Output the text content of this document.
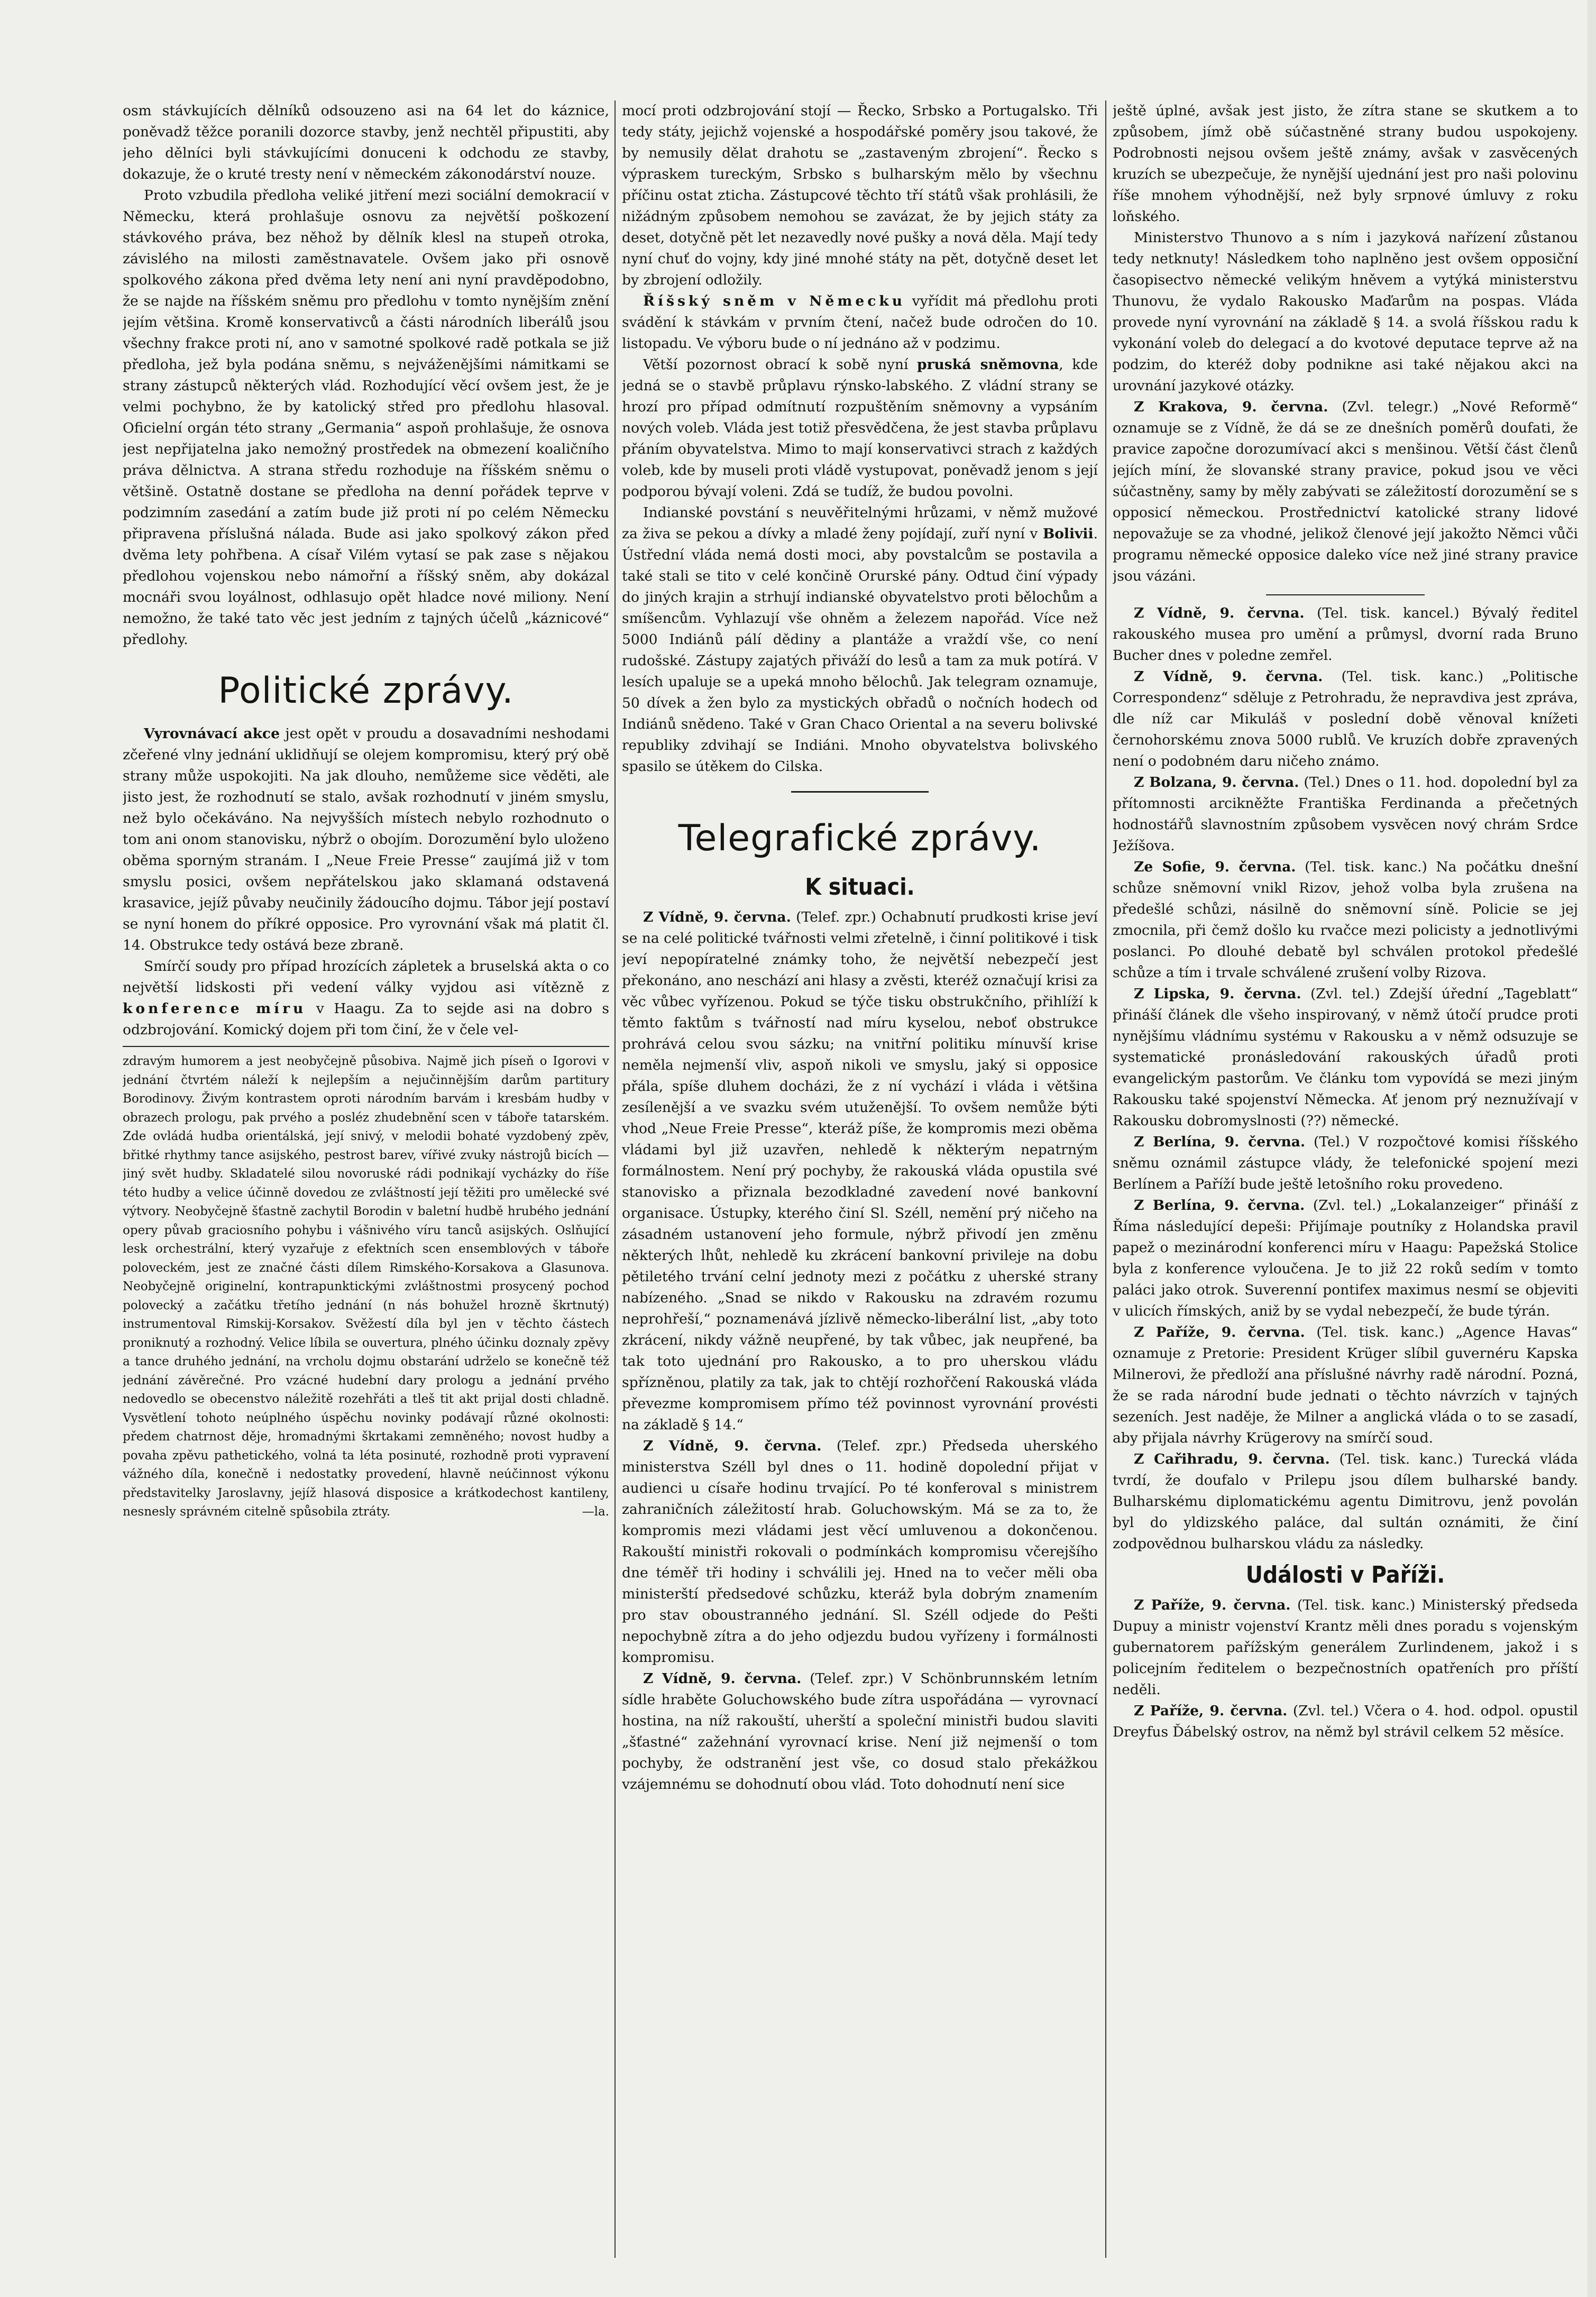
osm stávkujících dělníků odsouzeno asi na 64 let do káznice, poněvadž těžce poranili dozorce stavby, jenž nechtěl připustiti, aby jeho dělníci byli stávkujícími donuceni k odchodu ze stavby, dokazuje, že o kruté tresty není v německém zákonodárství nouze.

Proto vzbudila předloha veliké jitření mezi sociální demokracií v Německu, která prohlašuje osnovu za největší poškození stávkového práva, bez něhož by dělník klesl na stupeň otroka, závislého na milosti zaměstnavatele. Ovšem jako při osnově spolkového zákona před dvěma lety není ani nyní pravděpodobno, že se najde na říšském sněmu pro předlohu v tomto nynějším znění jejím většina. Kromě konservativců a části národních liberálů jsou všechny frakce proti ní, ano v samotné spolkové radě potkala se již předloha, jež byla podána sněmu, s nejváženějšími námitkami se strany zástupců některých vlád. Rozhodující věcí ovšem jest, že je velmi pochybno, že by katolický střed pro předlohu hlasoval. Oficielní orgán této strany „Germania“ aspoň prohlašuje, že osnova jest nepřijatelna jako nemožný prostředek na obmezení koaličního práva dělnictva. A strana středu rozhoduje na říšském sněmu o většině. Ostatně dostane se předloha na denní pořádek teprve v podzimním zasedání a zatím bude již proti ní po celém Německu připravena příslušná nálada. Bude asi jako spolkový zákon před dvěma lety pohřbena. A císař Vilém vytasí se pak zase s nějakou předlohou vojenskou nebo námořní a říšský sněm, aby dokázal mocnáři svou loyálnost, odhlasujo opět hladce nové miliony. Není nemožno, že také tato věc jest jedním z tajných účelů „káznicové“ předlohy.

Politické zprávy.

Vyrovnávací akce jest opět v proudu a dosavadními neshodami zčeřené vlny jednání uklidňují se olejem kompromisu, který prý obě strany může uspokojiti. Na jak dlouho, nemůžeme sice věděti, ale jisto jest, že rozhodnutí se stalo, avšak rozhodnutí v jiném smyslu, než bylo očekáváno. Na nejvyšších místech nebylo rozhodnuto o tom ani onom stanovisku, nýbrž o obojím. Dorozumění bylo uloženo oběma sporným stranám. I „Neue Freie Presse“ zaujímá již v tom smyslu posici, ovšem nepřátelskou jako sklamaná odstavená krasavice, jejíž půvaby neučinily žádoucího dojmu. Tábor její postaví se nyní honem do příkré opposice. Pro vyrovnání však má platit čl. 14. Obstrukce tedy ostává beze zbraně.

Smírčí soudy pro případ hrozících zápletek a bruselská akta o co největší lidskosti při vedení války vyjdou asi vítězně z konference míru v Haagu. Za to sejde asi na dobro s odzbrojování. Komický dojem při tom činí, že v čele vel-

zdravým humorem a jest neobyčejně působiva. Najmě jich píseň o Igorovi v jednání čtvrtém náleží k nejlepším a nejučinnějším darům partitury Borodinovy. Živým kontrastem oproti národním barvám i kresbám hudby v obrazech prologu, pak prvého a posléz zhudebnění scen v táboře tatarském. Zde ovládá hudba orientálská, její snivý, v melodii bohaté vyzdobený zpěv, břitké rhythmy tance asijského, pestrost barev, vířivé zvuky nástrojů bicích — jiný svět hudby. Skladatelé silou novoruské rádi podnikají vycházky do říše této hudby a velice účinně dovedou ze zvláštností její těžiti pro umělecké své výtvory. Neobyčejně šťastně zachytil Borodin v baletní hudbě hrubého jednání opery půvab graciosního pohybu i vášnivého víru tanců asijských. Oslňující lesk orchestrální, který vyzařuje z efektních scen ensemblových v táboře poloveckém, jest ze značné části dílem Rimského-Korsakova a Glasunova. Neobyčejně originelní, kontrapunktickými zvláštnostmi prosycený pochod polovecký a začátku třetího jednání (n nás bohužel hrozně škrtnutý) instrumentoval Rimskij-Korsakov. Svěžestí díla byl jen v těchto částech proniknutý a rozhodný. Velice líbila se ouvertura, plného účinku doznaly zpěvy a tance druhého jednání, na vrcholu dojmu obstarání udrželo se konečně též jednání závěrečné. Pro vzácné hudební dary prologu a jednání prvého nedovedlo se obecenstvo náležitě rozehřáti a tleš tit akt prijal dosti chladně. Vysvětlení tohoto neúplného úspěchu novinky podávají různé okolnosti: předem chatrnost děje, hromadnými škrtakami zemněného; novost hudby a povaha zpěvu pathetického, volná ta léta posinuté, rozhodně proti vypravení vážného díla, konečně i nedostatky provedení, hlavně neúčinnost výkonu představitelky Jaroslavny, jejíž hlasová disposice a krátkodechost kantileny, nesnesly správném citelně spůsobila ztráty.	—la.

mocí proti odzbrojování stojí — Řecko, Srbsko a Portugalsko. Tři tedy státy, jejichž vojenské a hospodářské poměry jsou takové, že by nemusily dělat drahotu se „zastaveným zbrojení“. Řecko s výpraskem tureckým, Srbsko s bulharským mělo by všechnu příčinu ostat zticha. Zástupcové těchto tří států však prohlásili, že nižádným způsobem nemohou se zavázat, že by jejich státy za deset, dotyčně pět let nezavedly nové pušky a nová děla. Mají tedy nyní chuť do vojny, kdy jiné mnohé státy na pět, dotyčně deset let by zbrojení odložily.

Říšský sněm v Německu vyřídit má předlohu proti svádění k stávkám v prvním čtení, načež bude odročen do 10. listopadu. Ve výboru bude o ní jednáno až v podzimu.

Větší pozornost obrací k sobě nyní pruská sněmovna, kde jedná se o stavbě průplavu rýnsko-labského. Z vládní strany se hrozí pro případ odmítnutí rozpuštěním sněmovny a vypsáním nových voleb. Vláda jest totiž přesvědčena, že jest stavba průplavu přáním obyvatelstva. Mimo to mají konservativci strach z každých voleb, kde by museli proti vládě vystupovat, poněvadž jenom s její podporou bývají voleni. Zdá se tudíž, že budou povolni.

Indianské povstání s neuvěřitelnými hrůzami, v němž mužové za živa se pekou a dívky a mladé ženy pojídají, zuří nyní v Bolivii. Ústřední vláda nemá dosti moci, aby povstalcům se postavila a také stali se tito v celé končině Orurské pány. Odtud činí výpady do jiných krajin a strhují indianské obyvatelstvo proti bělochům a smíšencům. Vyhlazují vše ohněm a železem napořád. Více než 5000 Indiánů pálí dědiny a plantáže a vraždí vše, co není rudošské. Zástupy zajatých přiváží do lesů a tam za muk potírá. V lesích upaluje se a upeká mnoho bělochů. Jak telegram oznamuje, 50 dívek a žen bylo za mystických obřadů o nočních hodech od Indiánů snědeno. Také v Gran Chaco Oriental a na severu bolivské republiky zdvihají se Indiáni. Mnoho obyvatelstva bolivského spasilo se útěkem do Cilska.

Telegrafické zprávy.
K situaci.

Z Vídně, 9. června. (Telef. zpr.) Ochabnutí prudkosti krise jeví se na celé politické tvářnosti velmi zřetelně, i činní politikové i tisk jeví nepopíratelné známky toho, že největší nebezpečí jest překonáno, ano neschází ani hlasy a zvěsti, kteréž označují krisi za věc vůbec vyřízenou. Pokud se týče tisku obstrukčního, přihlíží k těmto faktům s tvářností nad míru kyselou, neboť obstrukce prohrává celou svou sázku; na vnitřní politiku mínuvší krise neměla nejmenší vliv, aspoň nikoli ve smyslu, jaký si opposice přála, spíše dluhem docházi, že z ní vychází i vláda i většina zesílenější a ve svazku svém utuženější. To ovšem nemůže býti vhod „Neue Freie Presse“, kteráž píše, že kompromis mezi oběma vládami byl již uzavřen, nehledě k některým nepatrným formálnostem. Není prý pochyby, že rakouská vláda opustila své stanovisko a přiznala bezodkladné zavedení nové bankovní organisace. Ústupky, kterého činí Sl. Széll, nemění prý ničeho na zásadném ustanovení jeho formule, nýbrž přivodí jen změnu některých lhůt, nehledě ku zkrácení bankovní privileje na dobu pětiletého trvání celní jednoty mezi z počátku z uherské strany nabízeného. „Snad se nikdo v Rakousku na zdravém rozumu neprohřeší,“ poznamenává jízlivě německo-liberální list, „aby toto zkrácení, nikdy vážně neupřené, by tak vůbec, jak neupřené, ba tak toto ujednání pro Rakousko, a to pro uherskou vládu spřízněnou, platily za tak, jak to chtějí rozhořčení Rakouská vláda převezme kompromisem přímo též povinnost vyrovnání provésti na základě § 14.“

Z Vídně, 9. června. (Telef. zpr.) Předseda uherského ministerstva Széll byl dnes o 11. hodině dopolední přijat v audienci u císaře hodinu trvající. Po té konferoval s ministrem zahraničních záležitostí hrab. Goluchowským. Má se za to, že kompromis mezi vládami jest věcí umluvenou a dokončenou. Rakouští ministři rokovali o podmínkách kompromisu včerejšího dne téměř tři hodiny i schválili jej. Hned na to večer měli oba ministerští předsedové schůzku, kteráž byla dobrým znamením pro stav oboustranného jednání. Sl. Széll odjede do Pešti nepochybně zítra a do jeho odjezdu budou vyřízeny i formálnosti kompromisu.

Z Vídně, 9. června. (Telef. zpr.) V Schönbrunnském letním sídle hraběte Goluchowského bude zítra uspořádána — vyrovnací hostina, na níž rakouští, uherští a společní ministři budou slaviti „šťastné“ zažehnání vyrovnací krise. Není již nejmenší o tom pochyby, že odstranění jest vše, co dosud stalo překážkou vzájemnému se dohodnutí obou vlád. Toto dohodnutí není sice

ještě úplné, avšak jest jisto, že zítra stane se skutkem a to způsobem, jímž obě súčastněné strany budou uspokojeny. Podrobnosti nejsou ovšem ještě známy, avšak v zasvěcených kruzích se ubezpečuje, že nynější ujednání jest pro naši polovinu říše mnohem výhodnější, než byly srpnové úmluvy z roku loňského.

Ministerstvo Thunovo a s ním i jazyková nařízení zůstanou tedy netknuty! Následkem toho naplněno jest ovšem opposiční časopisectvo německé velikým hněvem a vytýká ministerstvu Thunovu, že vydalo Rakousko Maďarům na pospas. Vláda provede nyní vyrovnání na základě § 14. a svolá říšskou radu k vykonání voleb do delegací a do kvotové deputace teprve až na podzim, do kteréž doby podnikne asi také nějakou akci na urovnání jazykové otázky.

Z Krakova, 9. června. (Zvl. telegr.) „Nové Reformě“ oznamuje se z Vídně, že dá se ze dnešních poměrů doufati, že pravice započne dorozumívací akci s menšinou. Větší část členů jejích míní, že slovanské strany pravice, pokud jsou ve věci súčastněny, samy by měly zabývati se záležitostí dorozumění se s opposicí německou. Prostřednictví katolické strany lidové nepovažuje se za vhodné, jelikož členové její jakožto Němci vůči programu německé opposice daleko více než jiné strany pravice jsou vázáni.

Z Vídně, 9. června. (Tel. tisk. kancel.) Bývalý ředitel rakouského musea pro umění a průmysl, dvorní rada Bruno Bucher dnes v poledne zemřel.

Z Vídně, 9. června. (Tel. tisk. kanc.) „Politische Correspondenz“ sděluje z Petrohradu, že nepravdiva jest zpráva, dle níž car Mikuláš v poslední době věnoval knížeti černohorskému znova 5000 rublů. Ve kruzích dobře zpravených není o podobném daru ničeho známo.

Z Bolzana, 9. června. (Tel.) Dnes o 11. hod. dopolední byl za přítomnosti arcikněžte Františka Ferdinanda a přečetných hodnostářů slavnostním způsobem vysvěcen nový chrám Srdce Ježíšova.

Ze Sofie, 9. června. (Tel. tisk. kanc.) Na počátku dnešní schůze sněmovní vnikl Rizov, jehož volba byla zrušena na předešlé schůzi, násilně do sněmovní síně. Policie se jej zmocnila, při čemž došlo ku rvačce mezi policisty a jednotlivými poslanci. Po dlouhé debatě byl schválen protokol předešlé schůze a tím i trvale schválené zrušení volby Rizova.

Z Lipska, 9. června. (Zvl. tel.) Zdejší úřední „Tageblatt“ přináší článek dle všeho inspirovaný, v němž útočí prudce proti nynějšímu vládnímu systému v Rakousku a v němž odsuzuje se systematické pronásledování rakouských úřadů proti evangelickým pastorům. Ve článku tom vypovídá se mezi jiným Rakousku také spojenství Německa. Ať jenom prý neznužívají v Rakousku dobromyslnosti (??) německé.

Z Berlína, 9. června. (Tel.) V rozpočtové komisi říšského sněmu oznámil zástupce vlády, že telefonické spojení mezi Berlínem a Paříží bude ještě letošního roku provedeno.

Z Berlína, 9. června. (Zvl. tel.) „Lokalanzeiger“ přináší z Říma následující depeši: Přijímaje poutníky z Holandska pravil papež o mezinárodní konferenci míru v Haagu: Papežská Stolice byla z konference vyloučena. Je to již 22 roků sedím v tomto paláci jako otrok. Suverenní pontifex maximus nesmí se objeviti v ulicích římských, aniž by se vydal nebezpečí, že bude týrán.

Z Paříže, 9. června. (Tel. tisk. kanc.) „Agence Havas“ oznamuje z Pretorie: President Krüger slíbil guvernéru Kapska Milnerovi, že předloží ana příslušné návrhy radě národní. Pozná, že se rada národní bude jednati o těchto návrzích v tajných sezeních. Jest naděje, že Milner a anglická vláda o to se zasadí, aby přijala návrhy Krügerovy na smírčí soud.

Z Cařihradu, 9. června. (Tel. tisk. kanc.) Turecká vláda tvrdí, že doufalo v Prilepu jsou dílem bulharské bandy. Bulharskému diplomatickému agentu Dimitrovu, jenž povolán byl do yldizského paláce, dal sultán oznámiti, že činí zodpovědnou bulharskou vládu za následky.

Události v Paříži.

Z Paříže, 9. června. (Tel. tisk. kanc.) Ministerský předseda Dupuy a ministr vojenství Krantz měli dnes poradu s vojenským gubernatorem pařížským generálem Zurlindenem, jakož i s policejním ředitelem o bezpečnostních opatřeních pro příští neděli.

Z Paříže, 9. června. (Zvl. tel.) Včera o 4. hod. odpol. opustil Dreyfus Ďábelský ostrov, na němž byl strávil celkem 52 měsíce.
